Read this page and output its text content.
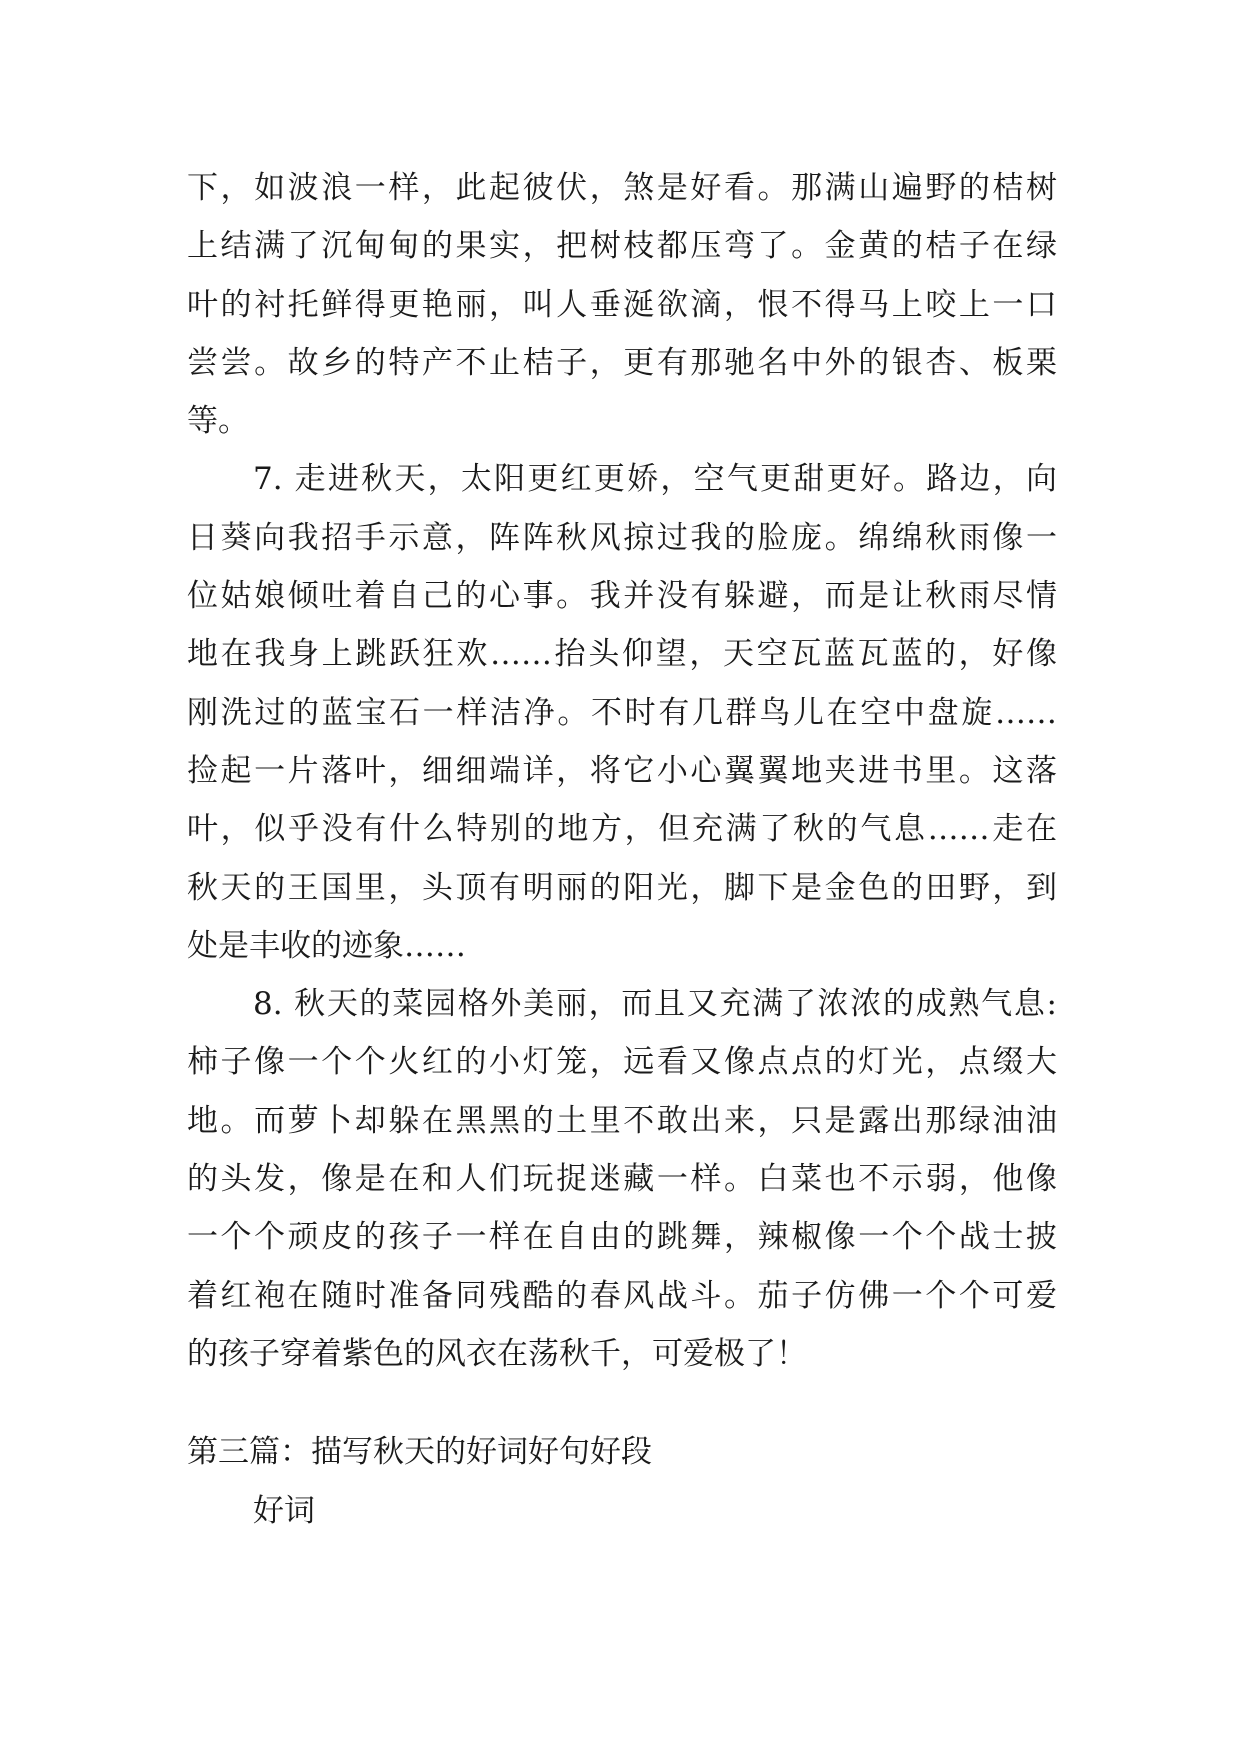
下，如波浪一样，此起彼伏，煞是好看。那满山遍野的桔树
上结满了沉甸甸的果实，把树枝都压弯了。金黄的桔子在绿
叶的衬托鲜得更艳丽，叫人垂涎欲滴，恨不得马上咬上一口
尝尝。故乡的特产不止桔子，更有那驰名中外的银杏、板栗
等。
7. 走进秋天，太阳更红更娇，空气更甜更好。路边，向
日葵向我招手示意，阵阵秋风掠过我的脸庞。绵绵秋雨像一
位姑娘倾吐着自己的心事。我并没有躲避，而是让秋雨尽情
地在我身上跳跃狂欢……抬头仰望，天空瓦蓝瓦蓝的，好像
刚洗过的蓝宝石一样洁净。不时有几群鸟儿在空中盘旋……
捡起一片落叶，细细端详，将它小心翼翼地夹进书里。这落
叶，似乎没有什么特别的地方，但充满了秋的气息……走在
秋天的王国里，头顶有明丽的阳光，脚下是金色的田野，到
处是丰收的迹象……
8. 秋天的菜园格外美丽，而且又充满了浓浓的成熟气息:
柿子像一个个火红的小灯笼，远看又像点点的灯光，点缀大
地。而萝卜却躲在黑黑的土里不敢出来，只是露出那绿油油
的头发，像是在和人们玩捉迷藏一样。白菜也不示弱，他像
一个个顽皮的孩子一样在自由的跳舞，辣椒像一个个战士披
着红袍在随时准备同残酷的春风战斗。茄子仿佛一个个可爱
的孩子穿着紫色的风衣在荡秋千，可爱极了！
第三篇：描写秋天的好词好句好段
好词
